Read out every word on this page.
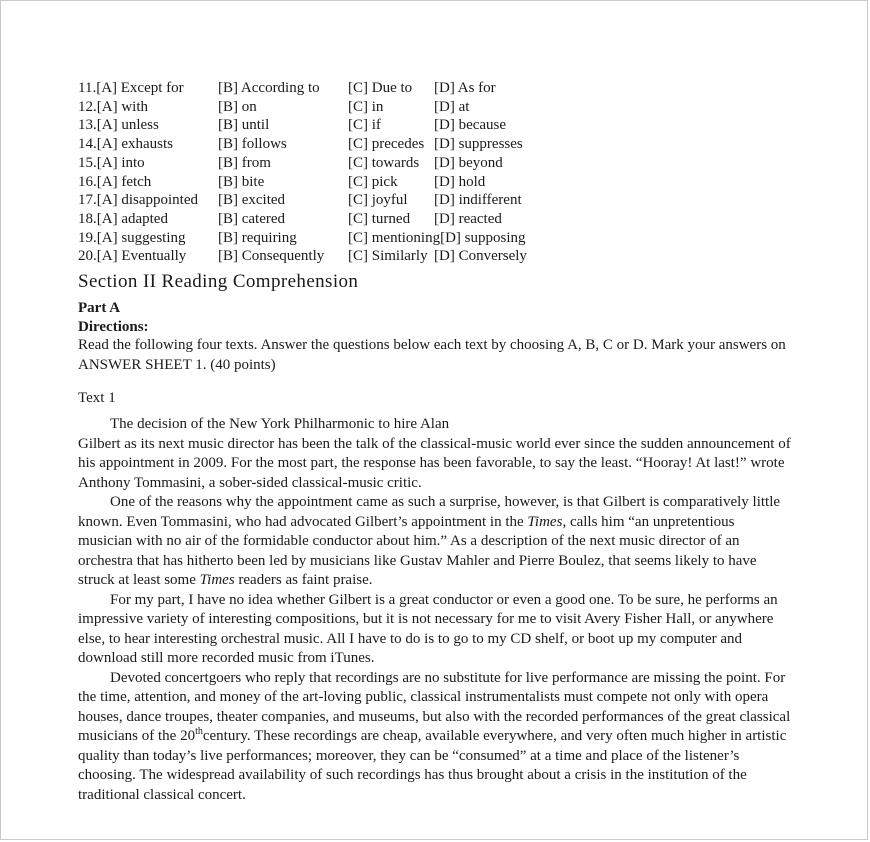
11.[A] Except for	[B] According to	[C] Due to	[D] As for
12.[A] with	[B] on	[C] in	[D] at
13.[A] unless	[B] until	[C] if	[D] because
14.[A] exhausts	[B] follows	[C] precedes [D] suppresses
15.[A] into	[B] from	[C] towards [D] beyond
16.[A] fetch	[B] bite	[C] pick	[D] hold
17.[A] disappointed	[B] excited	[C] joyful	[D] indifferent
18.[A] adapted	[B] catered	[C] turned	[D] reacted
19.[A] suggesting	[B] requiring	[C] mentioning [D] supposing
20.[A] Eventually	[B] Consequently	[C] Similarly [D] Conversely
Section II Reading Comprehension
Part A
Directions:

Read the following four texts. Answer the questions below each text by choosing A, B, C or D. Mark your answers on ANSWER SHEET 1. (40 points)

Text 1

The decision of the New York Philharmonic to hire Alan
Gilbert as its next music director has been the talk of the classical-music world ever since the sudden announcement of his appointment in 2009. For the most part, the response has been favorable, to say the least. “Hooray! At last!” wrote Anthony Tommasini, a sober-sided classical-music critic.

One of the reasons why the appointment came as such a surprise, however, is that Gilbert is comparatively little known. Even Tommasini, who had advocated Gilbert’s appointment in the Times, calls him “an unpretentious musician with no air of the formidable conductor about him.” As a description of the next music director of an orchestra that has hitherto been led by musicians like Gustav Mahler and Pierre Boulez, that seems likely to have struck at least some Times readers as faint praise.

For my part, I have no idea whether Gilbert is a great conductor or even a good one. To be sure, he performs an impressive variety of interesting compositions, but it is not necessary for me to visit Avery Fisher Hall, or anywhere else, to hear interesting orchestral music. All I have to do is to go to my CD shelf, or boot up my computer and download still more recorded music from iTunes.

Devoted concertgoers who reply that recordings are no substitute for live performance are missing the point. For the time, attention, and money of the art-loving public, classical instrumentalists must compete not only with opera houses, dance troupes, theater companies, and museums, but also with the recorded performances of the great classical musicians of the 20thcentury. These recordings are cheap, available everywhere, and very often much higher in artistic quality than today’s live performances; moreover, they can be “consumed” at a time and place of the listener’s choosing. The widespread availability of such recordings has thus brought about a crisis in the institution of the traditional classical concert.
